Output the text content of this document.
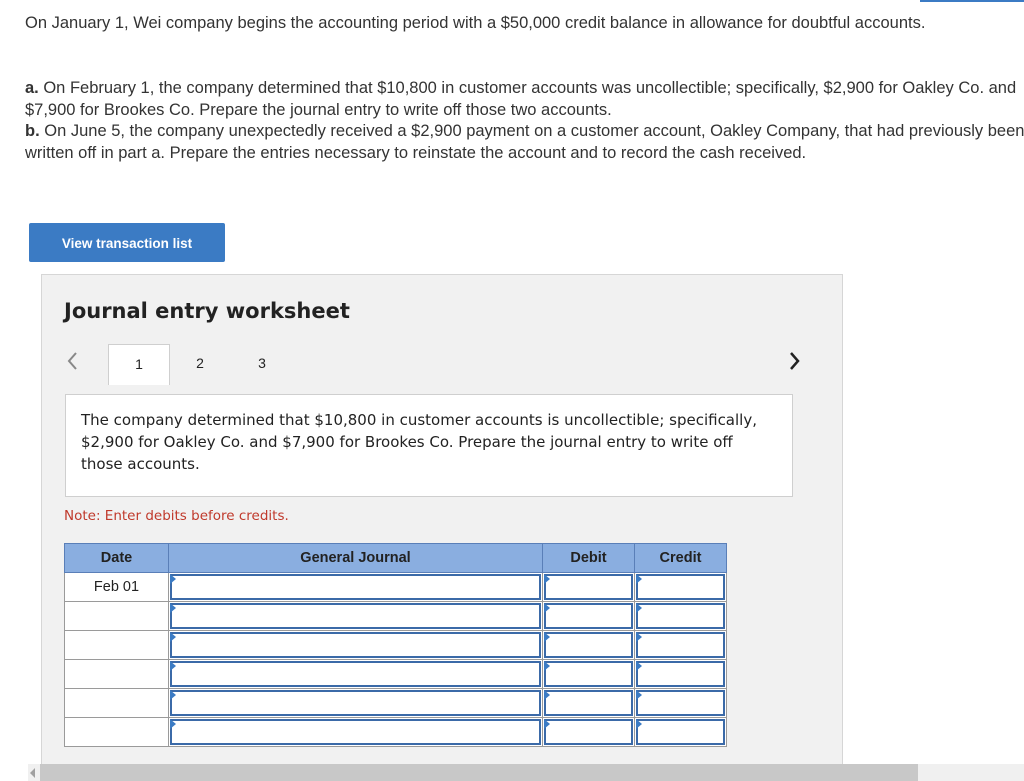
On January 1, Wei company begins the accounting period with a $50,000 credit balance in allowance for doubtful accounts.

a. On February 1, the company determined that $10,800 in customer accounts was uncollectible; specifically, $2,900 for Oakley Co. and $7,900 for Brookes Co. Prepare the journal entry to write off those two accounts.

b. On June 5, the company unexpectedly received a $2,900 payment on a customer account, Oakley Company, that had previously been written off in part a. Prepare the entries necessary to reinstate the account and to record the cash received.

View transaction list
Journal entry worksheet
1	2	3
The company determined that $10,800 in customer accounts is uncollectible; specifically, $2,900 for Oakley Co. and $7,900 for Brookes Co. Prepare the journal entry to write off those accounts.
Note: Enter debits before credits.
Date	General Journal	Debit	Credit
Feb 01	
